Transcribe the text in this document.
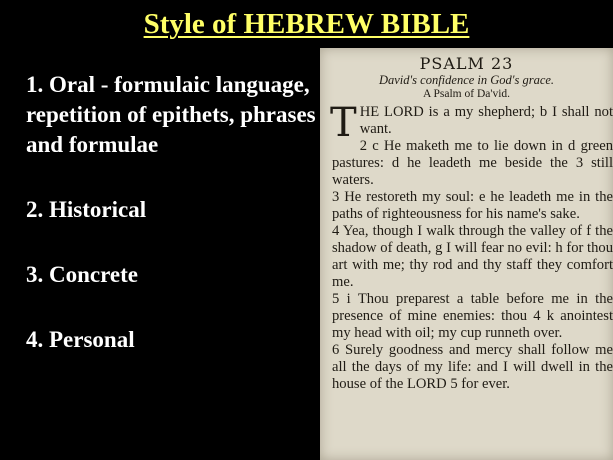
Style of HEBREW BIBLE

1. Oral - formulaic language, repetition of epithets, phrases and formulae

2. Historical

3. Concrete

4. Personal

PSALM 23
David's confidence in God's grace.
A Psalm of Da'vid.
T HE LORD is a my shepherd; b I shall not want.

2 c He maketh me to lie down in d green pastures: d he leadeth me beside the 3 still waters.

3 He restoreth my soul: e he leadeth me in the paths of righteousness for his name's sake.

4 Yea, though I walk through the valley of f the shadow of death, g I will fear no evil: h for thou art with me; thy rod and thy staff they comfort me.

5 i Thou preparest a table before me in the presence of mine enemies: thou 4 k anointest my head with oil; my cup runneth over.

6 Surely goodness and mercy shall follow me all the days of my life: and I will dwell in the house of the LORD 5 for ever.
